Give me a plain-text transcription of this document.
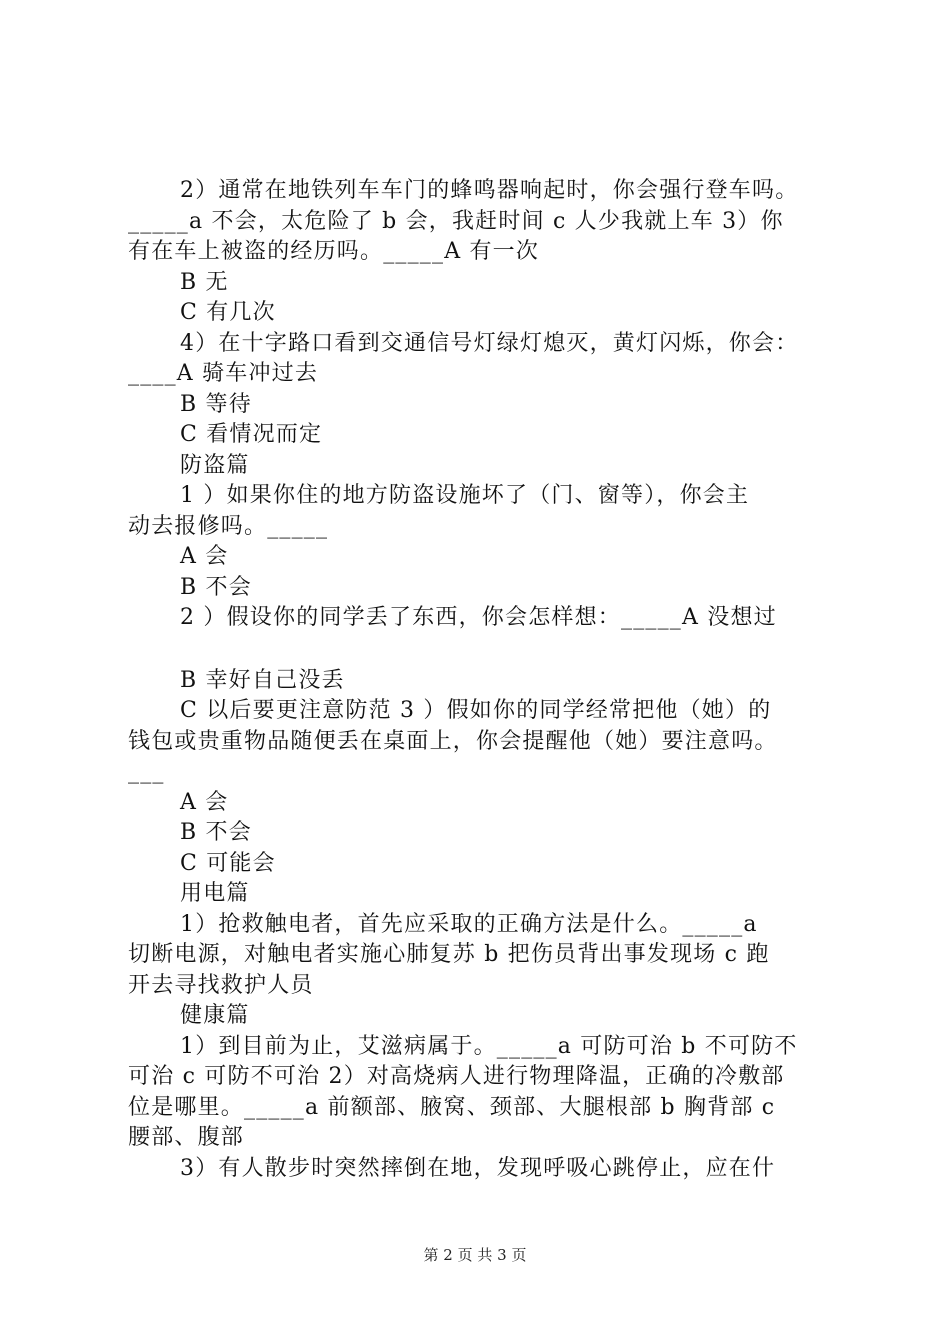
2）通常在地铁列车车门的蜂鸣器响起时，你会强行登车吗。
_____a 不会，太危险了 b 会，我赶时间 c 人少我就上车 3）你
有在车上被盗的经历吗。_____A 有一次
B 无
C 有几次
4）在十字路口看到交通信号灯绿灯熄灭，黄灯闪烁，你会：
____A 骑车冲过去
B 等待
C 看情况而定
防盗篇
1 ）如果你住的地方防盗设施坏了（门、窗等），你会主
动去报修吗。_____
A 会
B 不会
2 ）假设你的同学丢了东西，你会怎样想：_____A 没想过
B 幸好自己没丢
C 以后要更注意防范 3 ）假如你的同学经常把他（她）的
钱包或贵重物品随便丢在桌面上，你会提醒他（她）要注意吗。
___
A 会
B 不会
C 可能会
用电篇
1）抢救触电者，首先应采取的正确方法是什么。_____a
切断电源，对触电者实施心肺复苏 b 把伤员背出事发现场 c 跑
开去寻找救护人员
健康篇
1）到目前为止，艾滋病属于。_____a 可防可治 b 不可防不
可治 c 可防不可治 2）对高烧病人进行物理降温，正确的冷敷部
位是哪里。_____a 前额部、腋窝、颈部、大腿根部 b 胸背部 c
腰部、腹部
3）有人散步时突然摔倒在地，发现呼吸心跳停止，应在什
第 2 页 共 3 页
